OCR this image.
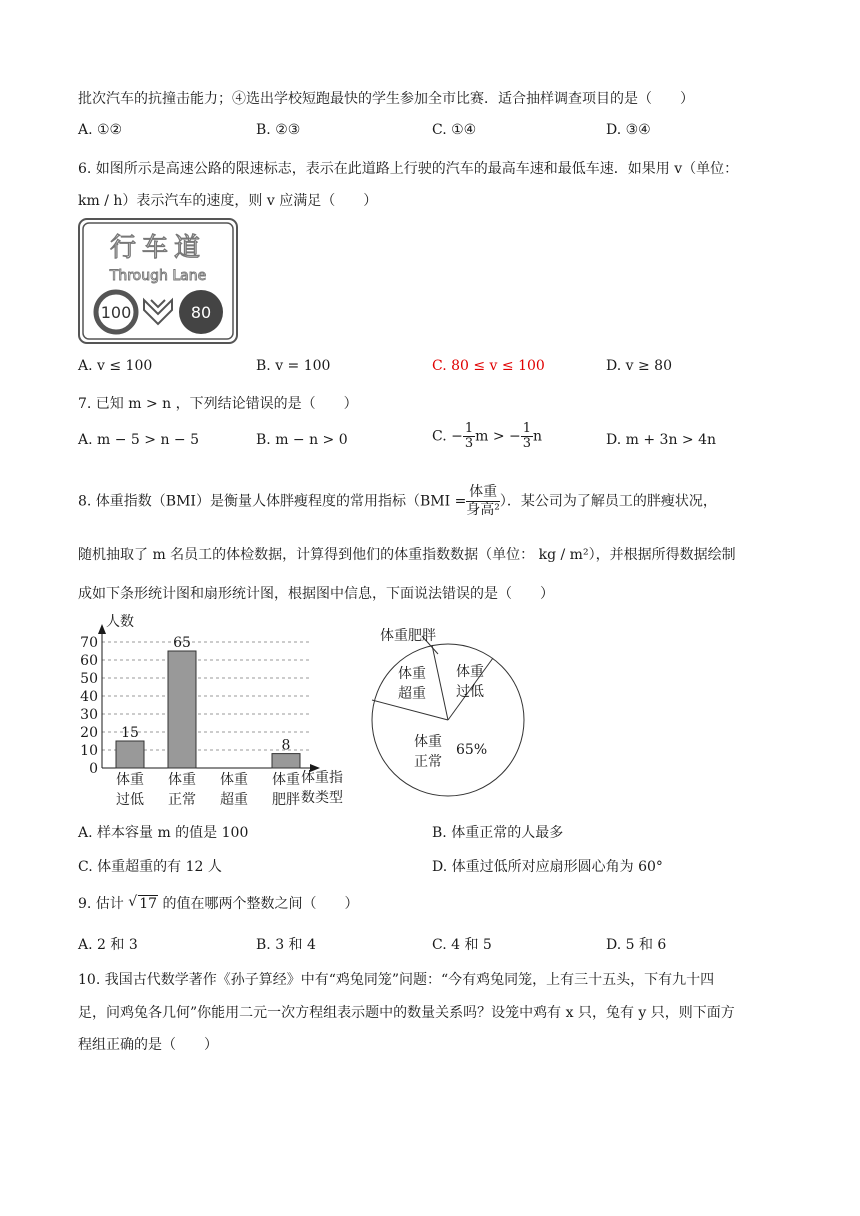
批次汽车的抗撞击能力；④选出学校短跑最快的学生参加全市比赛．适合抽样调查项目的是（　　）
A. ①②	B. ②③	C. ①④	D. ③④
6. 如图所示是高速公路的限速标志，表示在此道路上行驶的汽车的最高车速和最低车速．如果用 v（单位：
km / h）表示汽车的速度，则 v 应满足（　　）
行车道
Through Lane
100	80
A. v ≤ 100	B. v = 100	C. 80 ≤ v ≤ 100	D. v ≥ 80
7. 已知 m > n ，下列结论错误的是（　　）
A. m − 5 > n − 5	B. m − n > 0	C. − $\frac{1}{3}$ m > − $\frac{1}{3}$ n	D. m + 3n > 4n
8. 体重指数（BMI）是衡量人体胖瘦程度的常用指标（$BMI = \frac{\text{体重}}{\text{身高²}}$ ）．某公司为了解员工的胖瘦状况，
随机抽取了 m 名员工的体检数据，计算得到他们的体重指数数据（单位： kg / m²），并根据所得数据绘制
成如下条形统计图和扇形统计图，根据图中信息，下面说法错误的是（　　）
0
10
20
30
40
50
60
70
15
体重
过低
65
体重
正常
体重
超重
8
体重
肥胖
人数
体重指
数类型
体重肥胖
体重
超重
体重
过低
体重
正常
65%
A. 样本容量 m 的值是 100	B. 体重正常的人最多
C. 体重超重的有 12 人	D. 体重过低所对应扇形圆心角为 60°
9. 估计 √ 17 的值在哪两个整数之间（　　）
A. 2 和 3	B. 3 和 4	C. 4 和 5	D. 5 和 6
10. 我国古代数学著作《孙子算经》中有“鸡兔同笼”问题：“今有鸡兔同笼，上有三十五头，下有九十四
足，问鸡兔各几何”你能用二元一次方程组表示题中的数量关系吗？设笼中鸡有 x 只，兔有 y 只，则下面方
程组正确的是（　　）
